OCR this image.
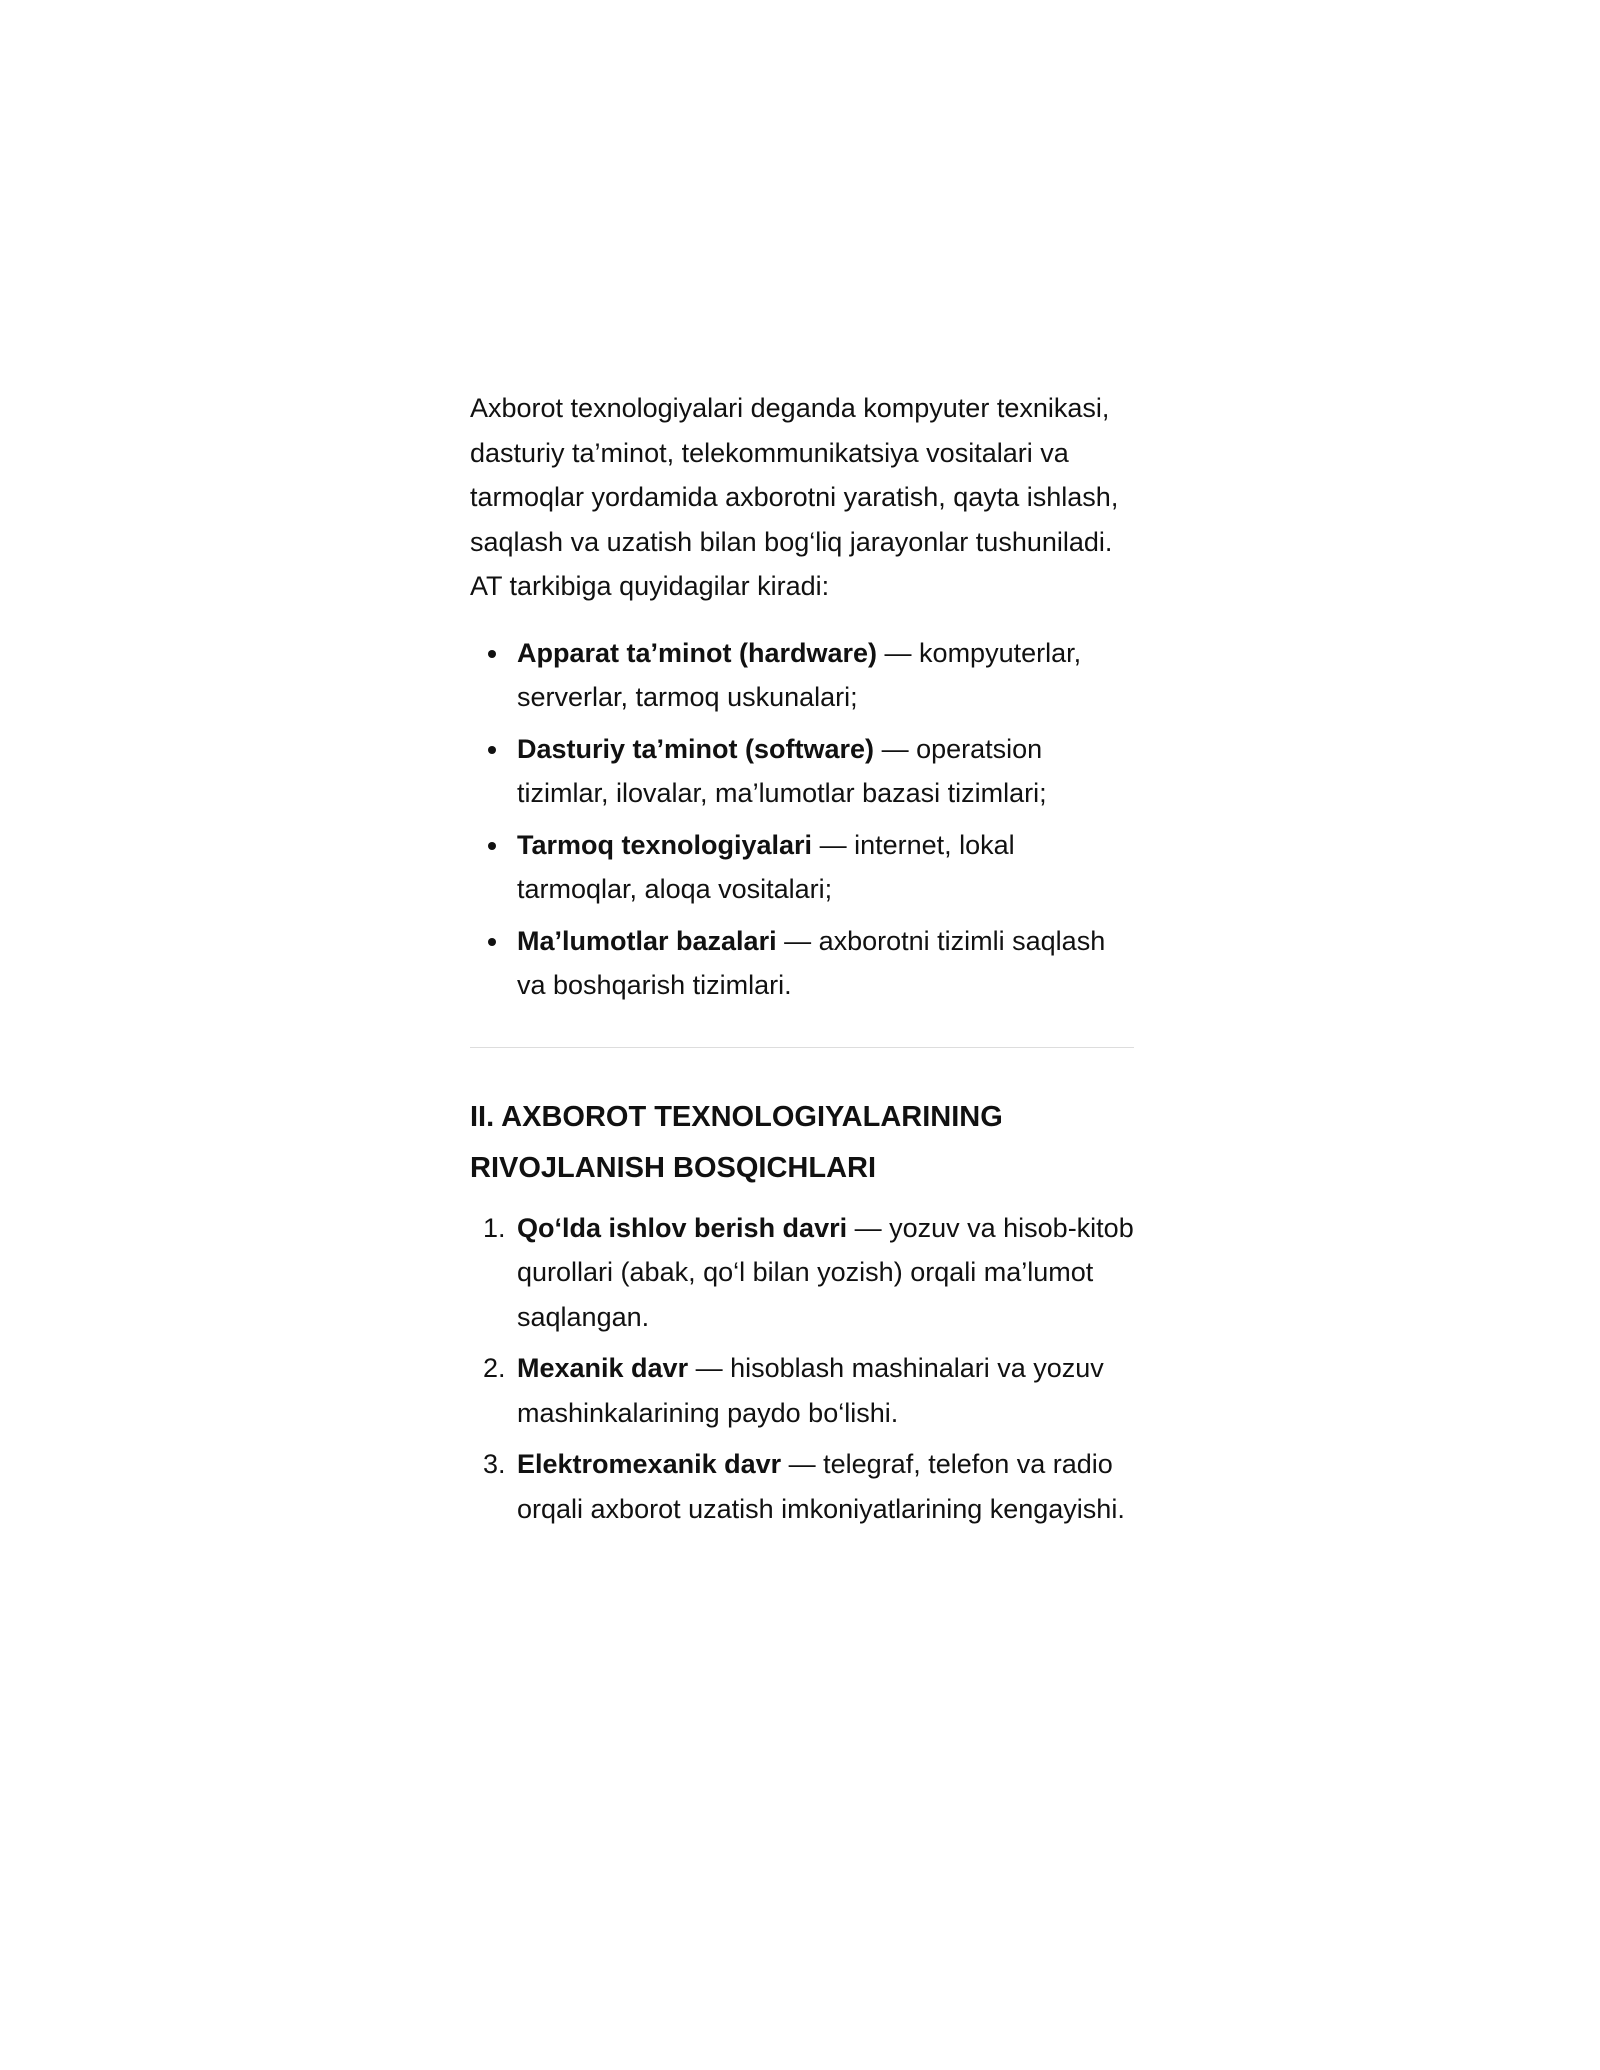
Axborot texnologiyalari deganda kompyuter texnikasi, dasturiy ta’minot, telekommunikatsiya vositalari va tarmoqlar yordamida axborotni yaratish, qayta ishlash, saqlash va uzatish bilan bog‘liq jarayonlar tushuniladi. AT tarkibiga quyidagilar kiradi:

Apparat ta’minot (hardware) — kompyuterlar, serverlar, tarmoq uskunalari;
Dasturiy ta’minot (software) — operatsion tizimlar, ilovalar, ma’lumotlar bazasi tizimlari;
Tarmoq texnologiyalari — internet, lokal tarmoqlar, aloqa vositalari;
Ma’lumotlar bazalari — axborotni tizimli saqlash va boshqarish tizimlari.
II. AXBOROT TEXNOLOGIYALARINING RIVOJLANISH BOSQICHLARI
1. Qo‘lda ishlov berish davri — yozuv va hisob-kitob qurollari (abak, qo‘l bilan yozish) orqali ma’lumot saqlangan.
2. Mexanik davr — hisoblash mashinalari va yozuv mashinkalarining paydo bo‘lishi.
3. Elektromexanik davr — telegraf, telefon va radio orqali axborot uzatish imkoniyatlarining kengayishi.
